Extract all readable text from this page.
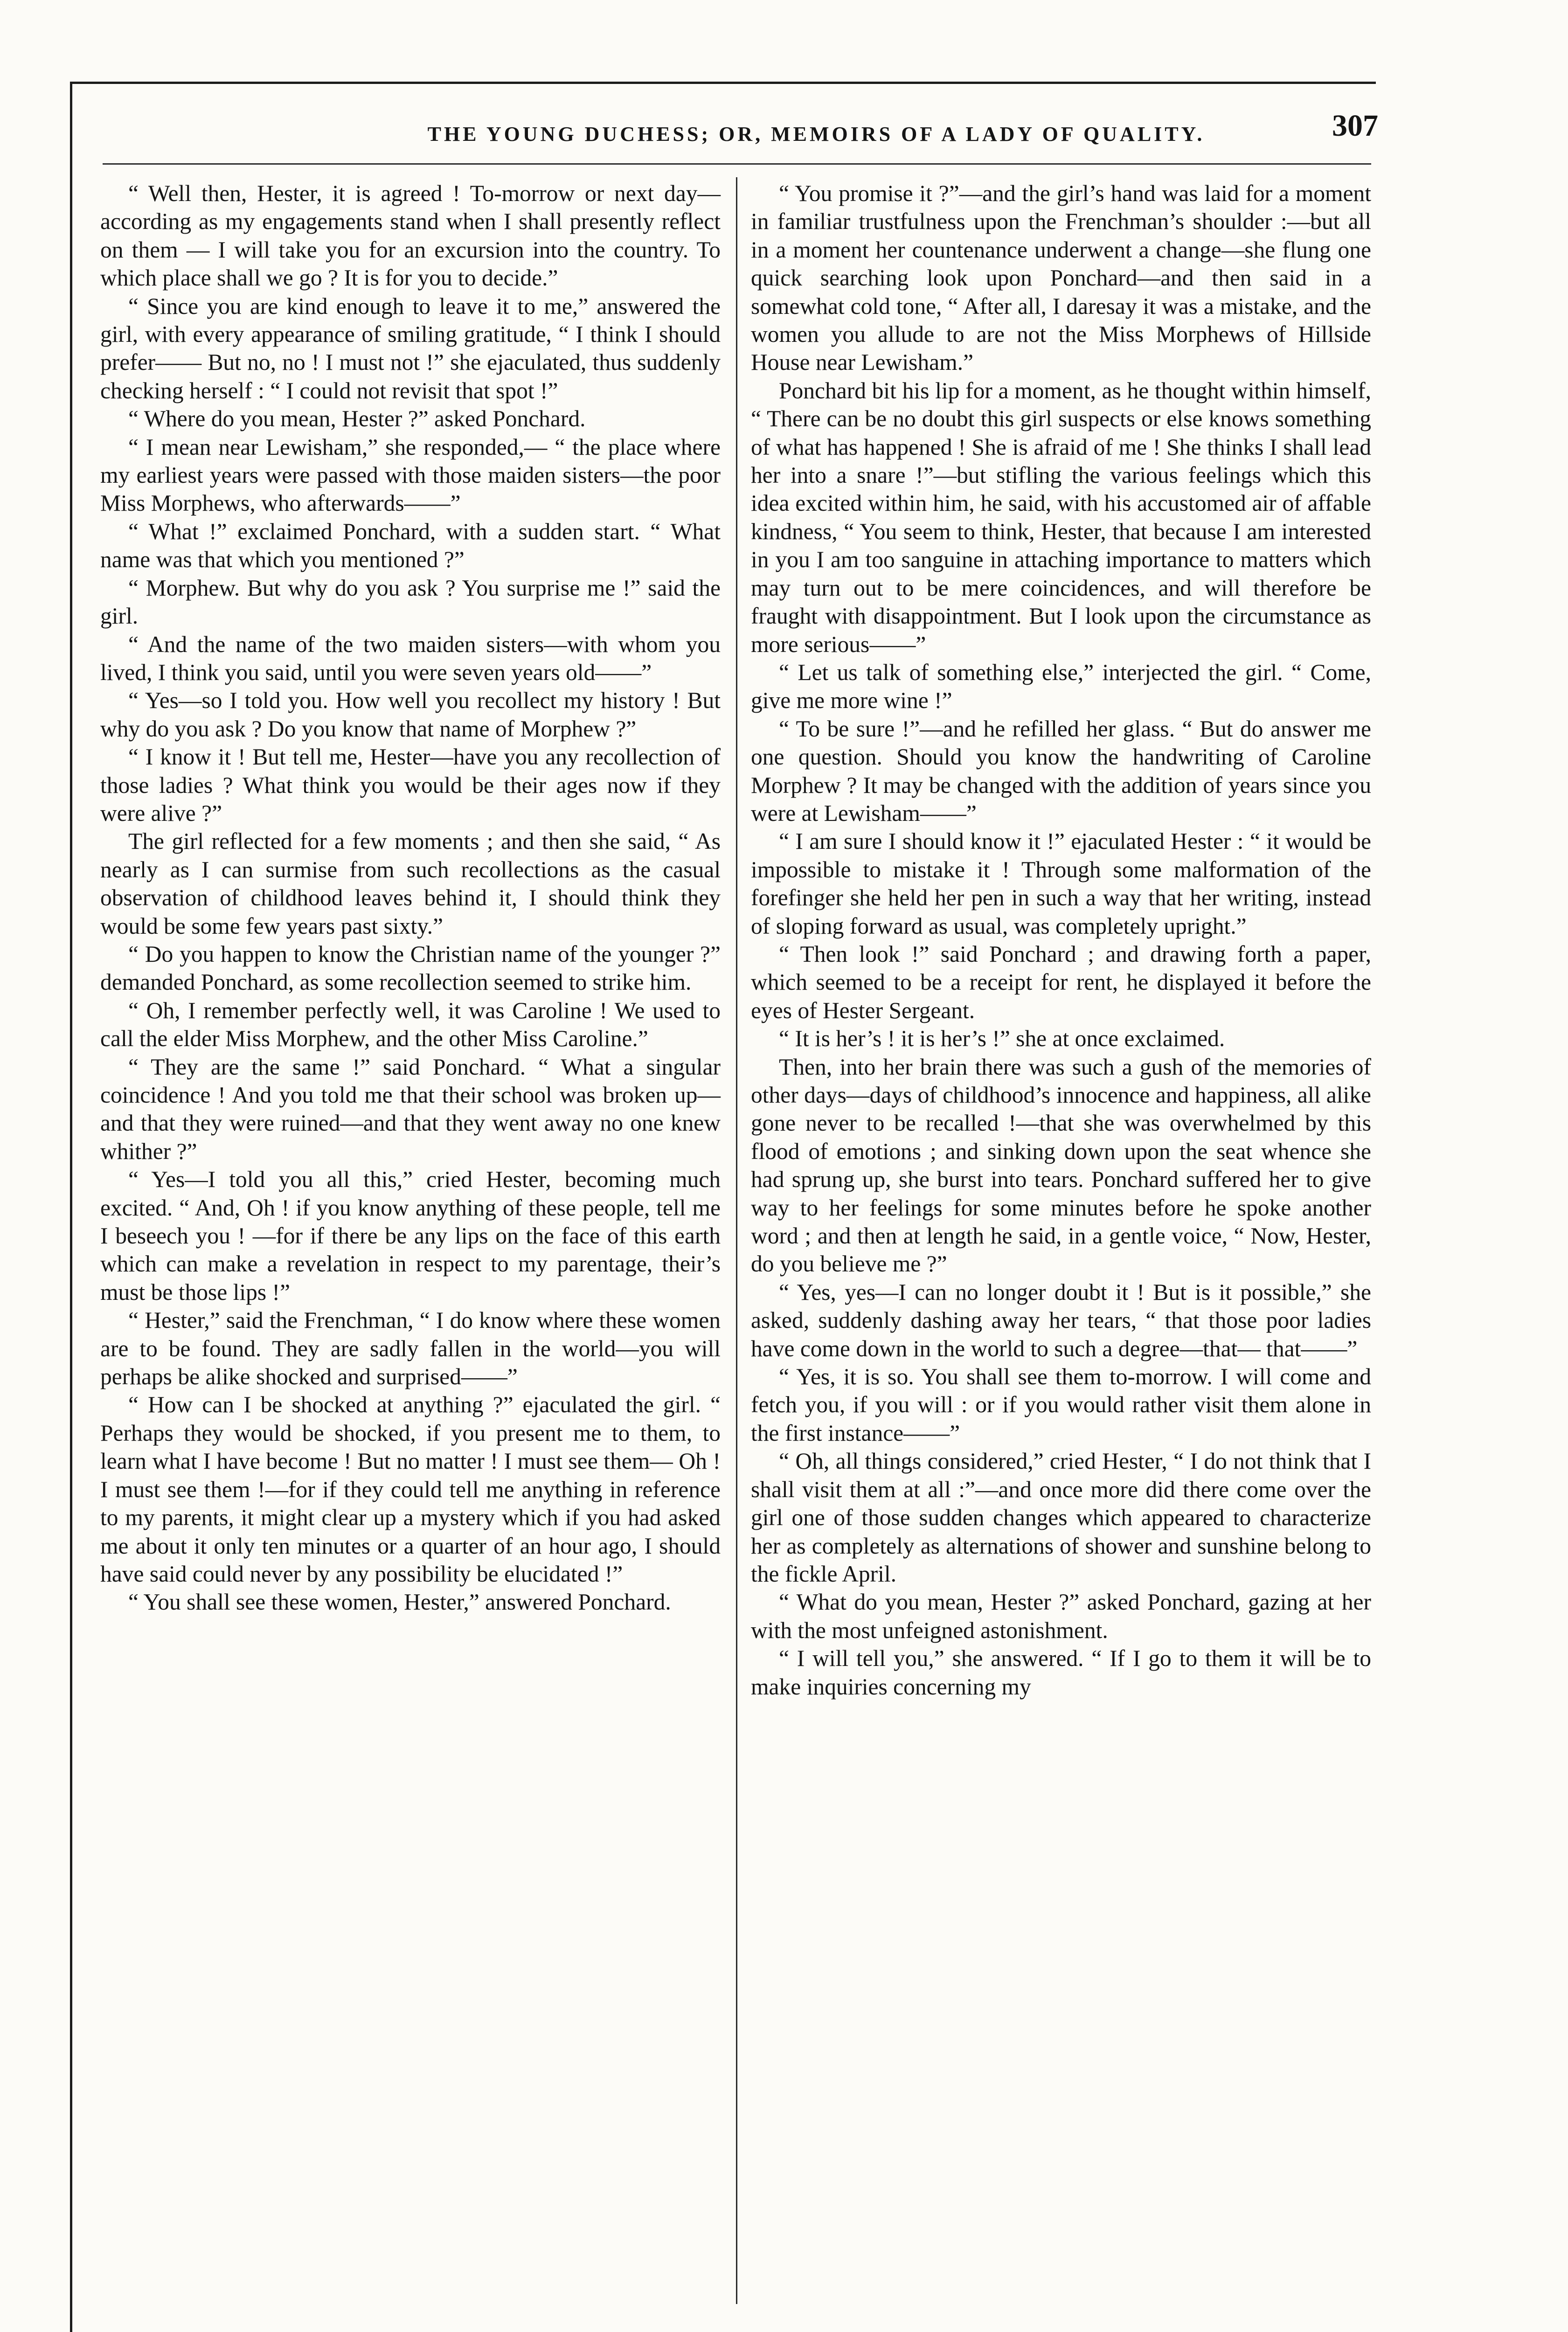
THE YOUNG DUCHESS; OR, MEMOIRS OF A LADY OF QUALITY.	307

“ Well then, Hester, it is agreed ! To-morrow or next day—according as my engagements stand when I shall presently reflect on them — I will take you for an excursion into the country. To which place shall we go ? It is for you to decide.”

“ Since you are kind enough to leave it to me,” answered the girl, with every appearance of smiling gratitude, “ I think I should prefer—— But no, no ! I must not !” she ejaculated, thus suddenly checking herself : “ I could not revisit that spot !”

“ Where do you mean, Hester ?” asked Ponchard.

“ I mean near Lewisham,” she responded,— “ the place where my earliest years were passed with those maiden sisters—the poor Miss Morphews, who afterwards——”

“ What !” exclaimed Ponchard, with a sudden start. “ What name was that which you mentioned ?”

“ Morphew. But why do you ask ? You surprise me !” said the girl.

“ And the name of the two maiden sisters—with whom you lived, I think you said, until you were seven years old——”

“ Yes—so I told you. How well you recollect my history ! But why do you ask ? Do you know that name of Morphew ?”

“ I know it ! But tell me, Hester—have you any recollection of those ladies ? What think you would be their ages now if they were alive ?”

The girl reflected for a few moments ; and then she said, “ As nearly as I can surmise from such recollections as the casual observation of childhood leaves behind it, I should think they would be some few years past sixty.”

“ Do you happen to know the Christian name of the younger ?” demanded Ponchard, as some recollection seemed to strike him.

“ Oh, I remember perfectly well, it was Caroline ! We used to call the elder Miss Morphew, and the other Miss Caroline.”

“ They are the same !” said Ponchard. “ What a singular coincidence ! And you told me that their school was broken up—and that they were ruined—and that they went away no one knew whither ?”

“ Yes—I told you all this,” cried Hester, becoming much excited. “ And, Oh ! if you know anything of these people, tell me I beseech you ! —for if there be any lips on the face of this earth which can make a revelation in respect to my parentage, their’s must be those lips !”

“ Hester,” said the Frenchman, “ I do know where these women are to be found. They are sadly fallen in the world—you will perhaps be alike shocked and surprised——”

“ How can I be shocked at anything ?” ejaculated the girl. “ Perhaps they would be shocked, if you present me to them, to learn what I have become ! But no matter ! I must see them— Oh ! I must see them !—for if they could tell me anything in reference to my parents, it might clear up a mystery which if you had asked me about it only ten minutes or a quarter of an hour ago, I should have said could never by any possibility be elucidated !”

“ You shall see these women, Hester,” answered Ponchard.

“ You promise it ?”—and the girl’s hand was laid for a moment in familiar trustfulness upon the Frenchman’s shoulder :—but all in a moment her countenance underwent a change—she flung one quick searching look upon Ponchard—and then said in a somewhat cold tone, “ After all, I daresay it was a mistake, and the women you allude to are not the Miss Morphews of Hillside House near Lewisham.”

Ponchard bit his lip for a moment, as he thought within himself, “ There can be no doubt this girl suspects or else knows something of what has happened ! She is afraid of me ! She thinks I shall lead her into a snare !”—but stifling the various feelings which this idea excited within him, he said, with his accustomed air of affable kindness, “ You seem to think, Hester, that because I am interested in you I am too sanguine in attaching importance to matters which may turn out to be mere coincidences, and will therefore be fraught with disappointment. But I look upon the circumstance as more serious——”

“ Let us talk of something else,” interjected the girl. “ Come, give me more wine !”

“ To be sure !”—and he refilled her glass. “ But do answer me one question. Should you know the handwriting of Caroline Morphew ? It may be changed with the addition of years since you were at Lewisham——”

“ I am sure I should know it !” ejaculated Hester : “ it would be impossible to mistake it ! Through some malformation of the forefinger she held her pen in such a way that her writing, instead of sloping forward as usual, was completely upright.”

“ Then look !” said Ponchard ; and drawing forth a paper, which seemed to be a receipt for rent, he displayed it before the eyes of Hester Sergeant.

“ It is her’s ! it is her’s !” she at once exclaimed.

Then, into her brain there was such a gush of the memories of other days—days of childhood’s innocence and happiness, all alike gone never to be recalled !—that she was overwhelmed by this flood of emotions ; and sinking down upon the seat whence she had sprung up, she burst into tears. Ponchard suffered her to give way to her feelings for some minutes before he spoke another word ; and then at length he said, in a gentle voice, “ Now, Hester, do you believe me ?”

“ Yes, yes—I can no longer doubt it ! But is it possible,” she asked, suddenly dashing away her tears, “ that those poor ladies have come down in the world to such a degree—that— that——”

“ Yes, it is so. You shall see them to-morrow. I will come and fetch you, if you will : or if you would rather visit them alone in the first instance——”

“ Oh, all things considered,” cried Hester, “ I do not think that I shall visit them at all :”—and once more did there come over the girl one of those sudden changes which appeared to characterize her as completely as alternations of shower and sunshine belong to the fickle April.

“ What do you mean, Hester ?” asked Ponchard, gazing at her with the most unfeigned astonishment.

“ I will tell you,” she answered. “ If I go to them it will be to make inquiries concerning my
